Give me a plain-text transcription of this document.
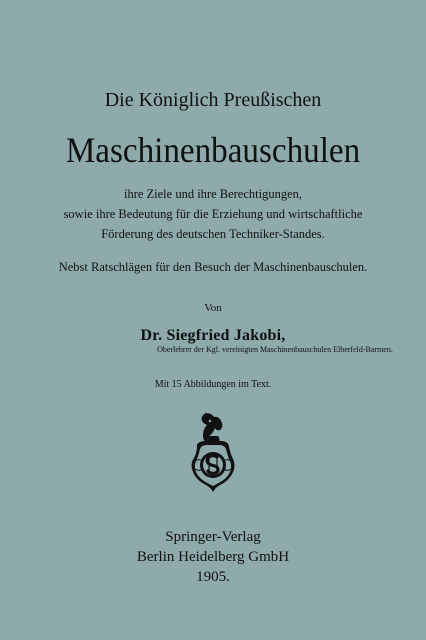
Die Königlich Preußischen
Maschinenbauschulen
ihre Ziele und ihre Berechtigungen,
sowie ihre Bedeutung für die Erziehung und wirtschaftliche
Förderung des deutschen Techniker-Standes.
Nebst Ratschlägen für den Besuch der Maschinenbauschulen.
Von
Dr. Siegfried Jakobi,
Oberlehrer der Kgl. vereinigten Maschinenbauschulen Elberfeld-Barmen.
Mit 15 Abbildungen im Text.
Springer-Verlag
Berlin Heidelberg GmbH
1905.
